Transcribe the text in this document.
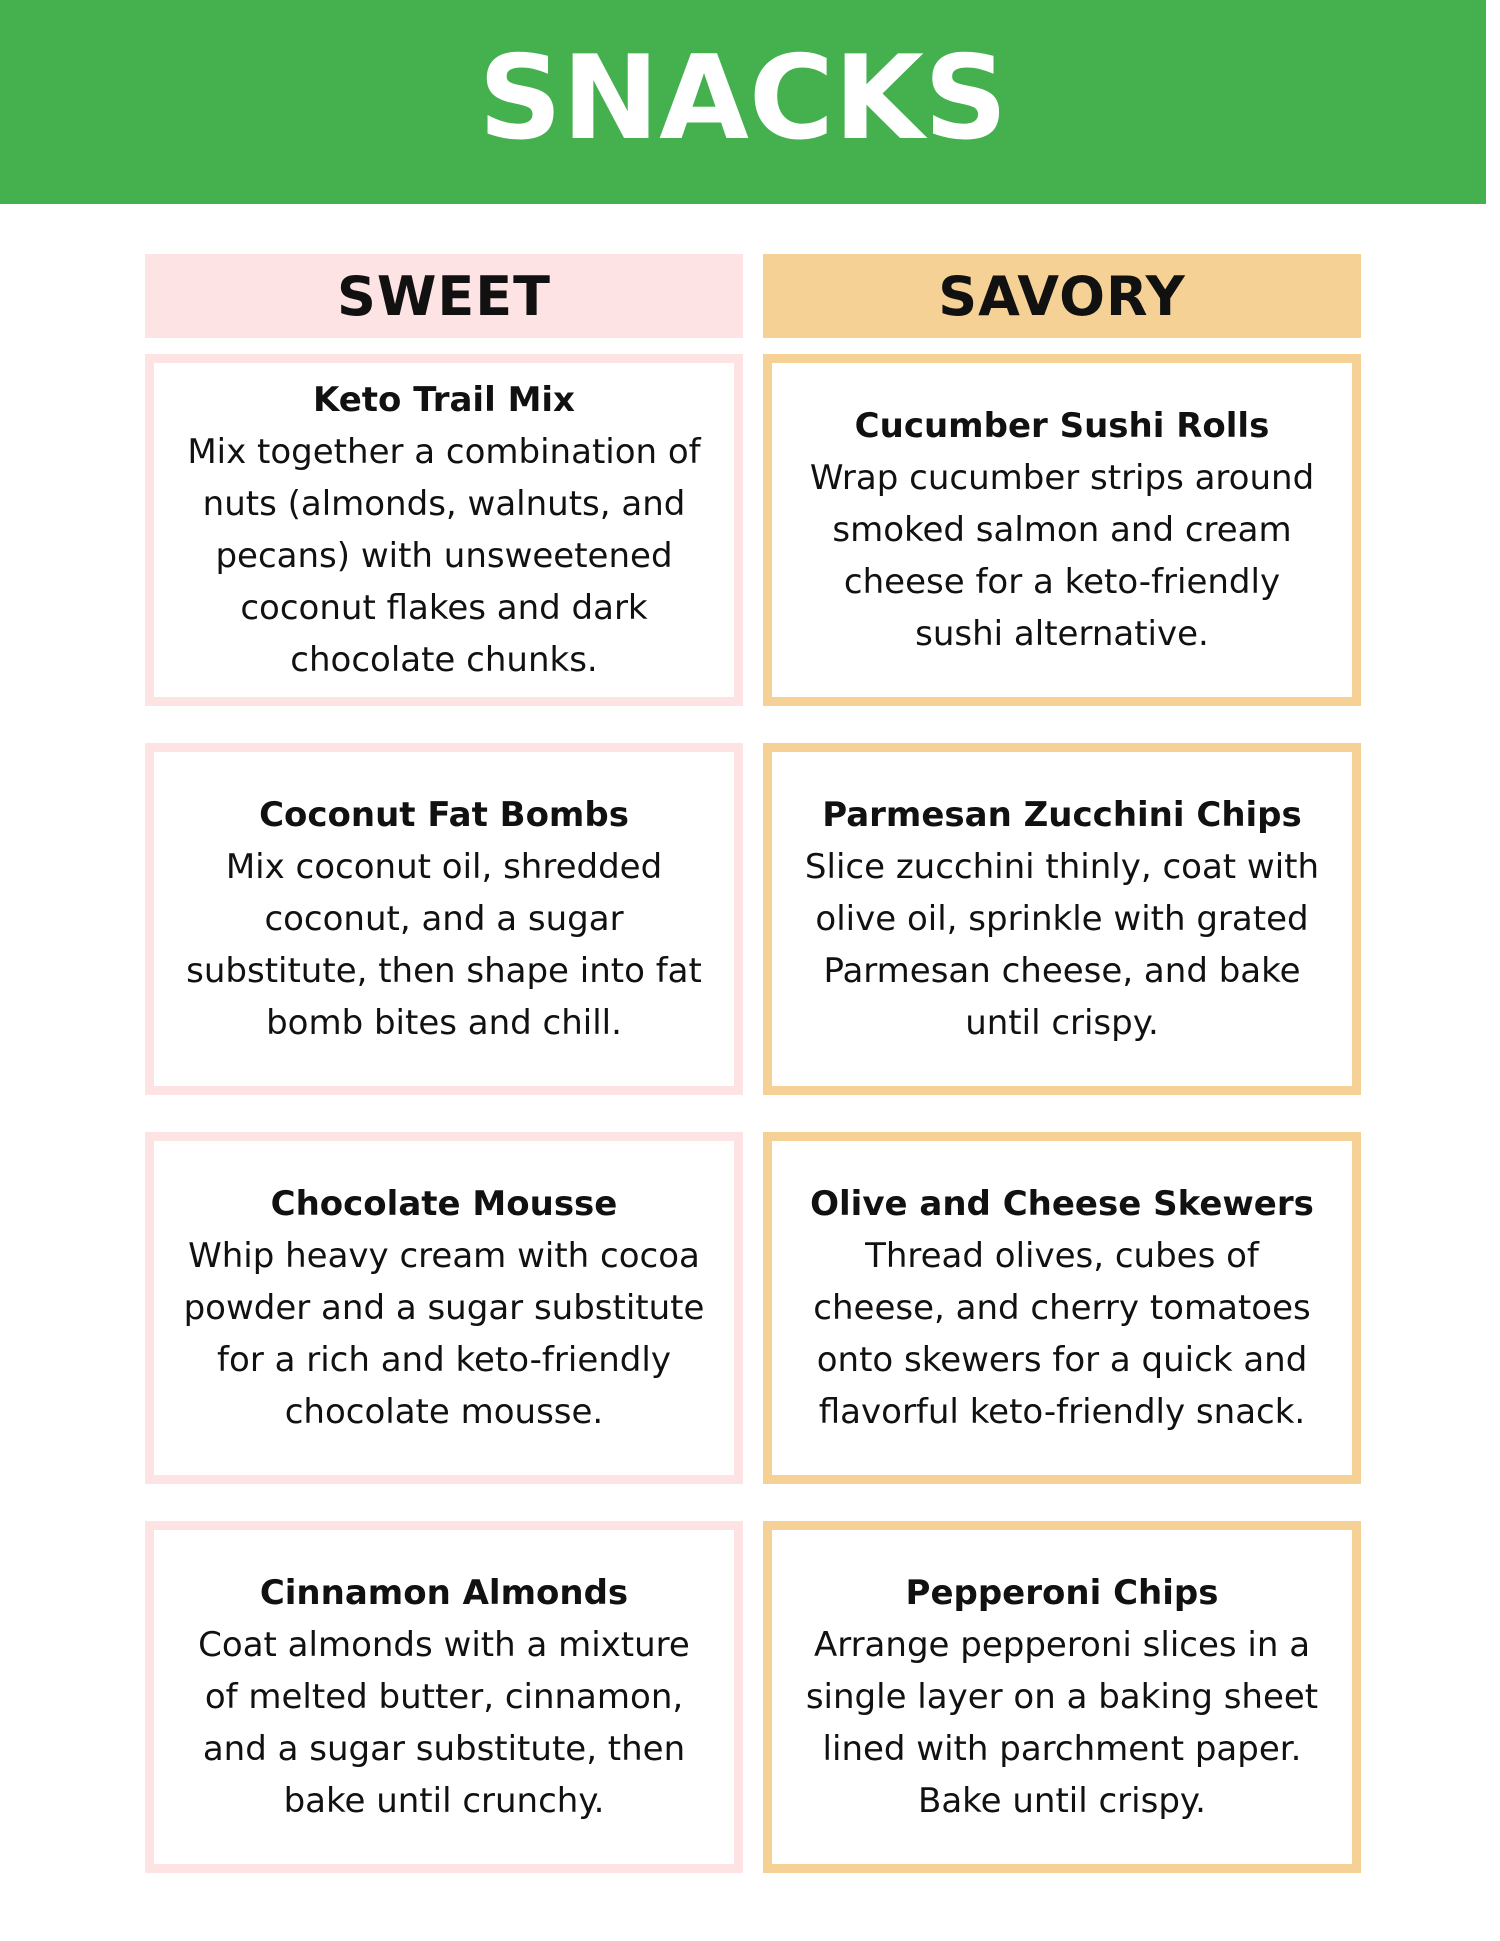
SNACKS
SWEET	SAVORY
Keto Trail Mix
Mix together a combination of nuts (almonds, walnuts, and pecans) with unsweetened coconut flakes and dark chocolate chunks.
Coconut Fat Bombs
Mix coconut oil, shredded coconut, and a sugar substitute, then shape into fat bomb bites and chill.
Chocolate Mousse
Whip heavy cream with cocoa powder and a sugar substitute for a rich and keto-friendly chocolate mousse.
Cinnamon Almonds
Coat almonds with a mixture of melted butter, cinnamon, and a sugar substitute, then bake until crunchy.
Cucumber Sushi Rolls
Wrap cucumber strips around smoked salmon and cream cheese for a keto-friendly sushi alternative.
Parmesan Zucchini Chips
Slice zucchini thinly, coat with olive oil, sprinkle with grated Parmesan cheese, and bake until crispy.
Olive and Cheese Skewers
Thread olives, cubes of cheese, and cherry tomatoes onto skewers for a quick and flavorful keto-friendly snack.
Pepperoni Chips
Arrange pepperoni slices in a single layer on a baking sheet lined with parchment paper. Bake until crispy.
